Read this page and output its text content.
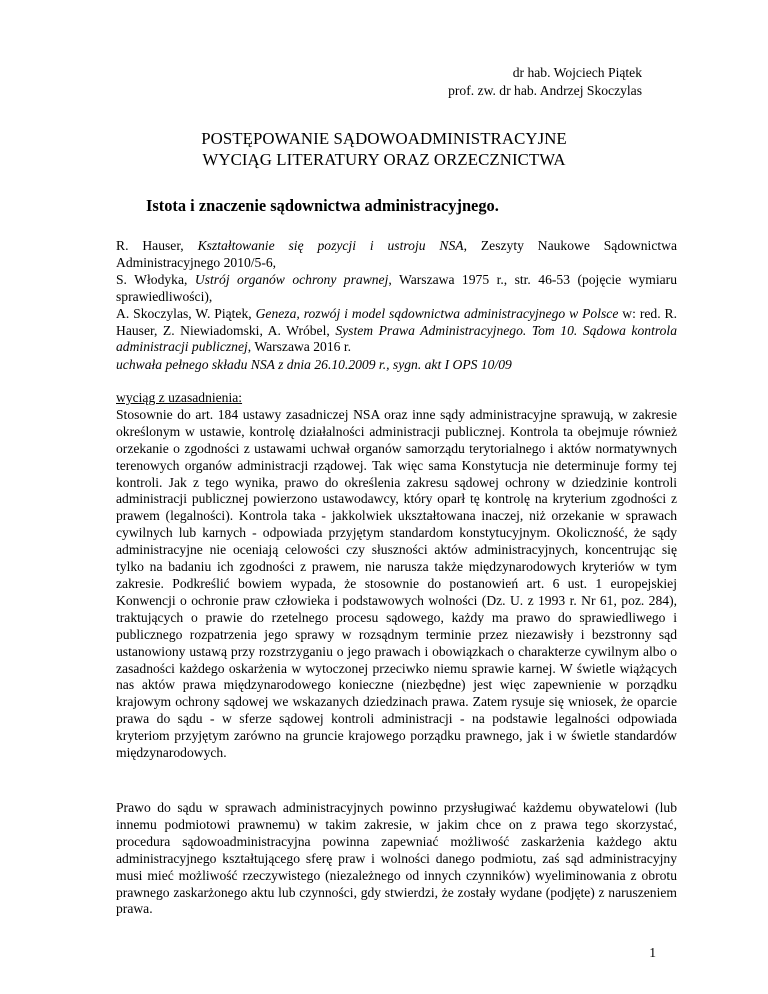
dr hab. Wojciech Piątek
prof. zw. dr hab. Andrzej Skoczylas
POSTĘPOWANIE SĄDOWOADMINISTRACYJNE
WYCIĄG LITERATURY ORAZ ORZECZNICTWA
Istota i znaczenie sądownictwa administracyjnego.

R. Hauser, Kształtowanie się pozycji i ustroju NSA, Zeszyty Naukowe Sądownictwa Administracyjnego 2010/5-6,

S. Włodyka, Ustrój organów ochrony prawnej, Warszawa 1975 r., str. 46-53 (pojęcie wymiaru sprawiedliwości),

A. Skoczylas, W. Piątek, Geneza, rozwój i model sądownictwa administracyjnego w Polsce w: red. R. Hauser, Z. Niewiadomski, A. Wróbel, System Prawa Administracyjnego. Tom 10. Sądowa kontrola administracji publicznej, Warszawa 2016 r.

uchwała pełnego składu NSA z dnia 26.10.2009 r., sygn. akt I OPS 10/09

wyciąg z uzasadnienia:

Stosownie do art. 184 ustawy zasadniczej NSA oraz inne sądy administracyjne sprawują, w zakresie określonym w ustawie, kontrolę działalności administracji publicznej. Kontrola ta obejmuje również orzekanie o zgodności z ustawami uchwał organów samorządu terytorialnego i aktów normatywnych terenowych organów administracji rządowej. Tak więc sama Konstytucja nie determinuje formy tej kontroli. Jak z tego wynika, prawo do określenia zakresu sądowej ochrony w dziedzinie kontroli administracji publicznej powierzono ustawodawcy, który oparł tę kontrolę na kryterium zgodności z prawem (legalności). Kontrola taka - jakkolwiek ukształtowana inaczej, niż orzekanie w sprawach cywilnych lub karnych - odpowiada przyjętym standardom konstytucyjnym. Okoliczność, że sądy administracyjne nie oceniają celowości czy słuszności aktów administracyjnych, koncentrując się tylko na badaniu ich zgodności z prawem, nie narusza także międzynarodowych kryteriów w tym zakresie. Podkreślić bowiem wypada, że stosownie do postanowień art. 6 ust. 1 europejskiej Konwencji o ochronie praw człowieka i podstawowych wolności (Dz. U. z 1993 r. Nr 61, poz. 284), traktujących o prawie do rzetelnego procesu sądowego, każdy ma prawo do sprawiedliwego i publicznego rozpatrzenia jego sprawy w rozsądnym terminie przez niezawisły i bezstronny sąd ustanowiony ustawą przy rozstrzyganiu o jego prawach i obowiązkach o charakterze cywilnym albo o zasadności każdego oskarżenia w wytoczonej przeciwko niemu sprawie karnej. W świetle wiążących nas aktów prawa międzynarodowego konieczne (niezbędne) jest więc zapewnienie w porządku krajowym ochrony sądowej we wskazanych dziedzinach prawa. Zatem rysuje się wniosek, że oparcie prawa do sądu - w sferze sądowej kontroli administracji - na podstawie legalności odpowiada kryteriom przyjętym zarówno na gruncie krajowego porządku prawnego, jak i w świetle standardów międzynarodowych.

Prawo do sądu w sprawach administracyjnych powinno przysługiwać każdemu obywatelowi (lub innemu podmiotowi prawnemu) w takim zakresie, w jakim chce on z prawa tego skorzystać, procedura sądowoadministracyjna powinna zapewniać możliwość zaskarżenia każdego aktu administracyjnego kształtującego sferę praw i wolności danego podmiotu, zaś sąd administracyjny musi mieć możliwość rzeczywistego (niezależnego od innych czynników) wyeliminowania z obrotu prawnego zaskarżonego aktu lub czynności, gdy stwierdzi, że zostały wydane (podjęte) z naruszeniem prawa.
1
